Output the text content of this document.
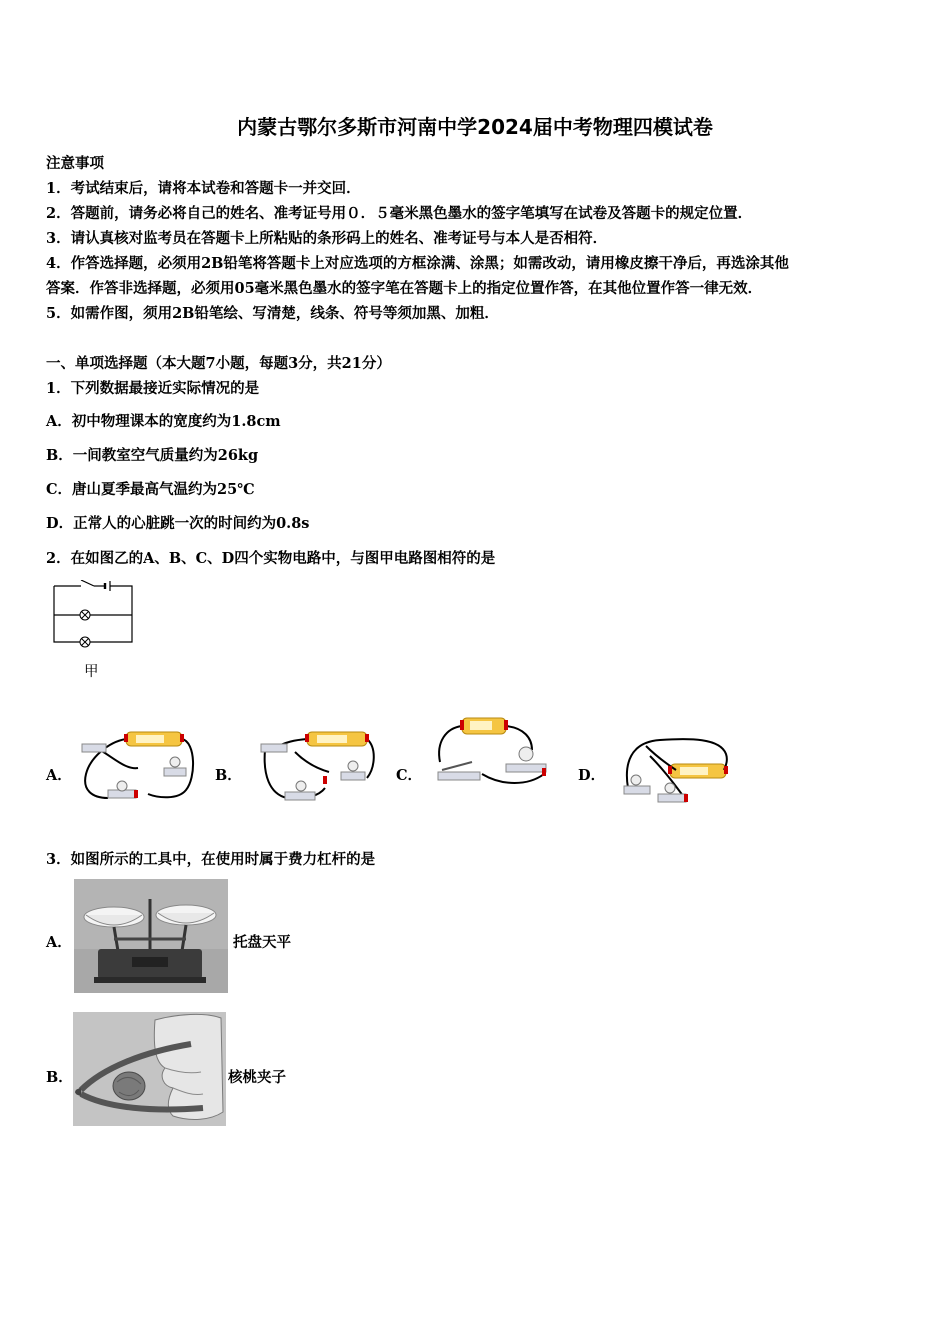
内蒙古鄂尔多斯市河南中学2024届中考物理四模试卷
注意事项
1．考试结束后，请将本试卷和答题卡一并交回．
2．答题前，请务必将自己的姓名、准考证号用０．５毫米黑色墨水的签字笔填写在试卷及答题卡的规定位置．
3．请认真核对监考员在答题卡上所粘贴的条形码上的姓名、准考证号与本人是否相符．
4．作答选择题，必须用2B铅笔将答题卡上对应选项的方框涂满、涂黑；如需改动，请用橡皮擦干净后，再选涂其他
答案．作答非选择题，必须用05毫米黑色墨水的签字笔在答题卡上的指定位置作答，在其他位置作答一律无效．
5．如需作图，须用2B铅笔绘、写清楚，线条、符号等须加黑、加粗．
一、单项选择题（本大题7小题，每题3分，共21分）
1．下列数据最接近实际情况的是
A．初中物理课本的宽度约为1.8cm
B．一间教室空气质量约为26kg
C．唐山夏季最高气温约为25℃
D．正常人的心脏跳一次的时间约为0.8s
2．在如图乙的A、B、C、D四个实物电路中，与图甲电路图相符的是
甲
A．	B．	C．	D．
3．如图所示的工具中，在使用时属于费力杠杆的是
A．	托盘天平
B．	核桃夹子
